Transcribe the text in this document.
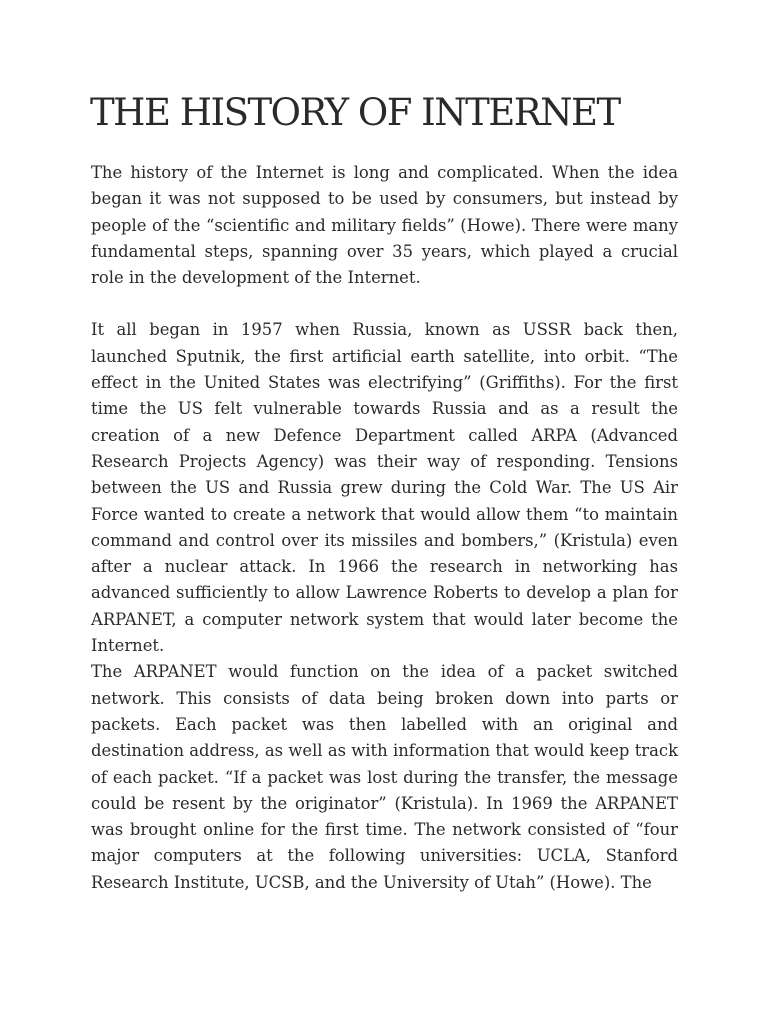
THE HISTORY OF INTERNET

The history of the Internet is long and complicated. When the idea began it was not supposed to be used by consumers, but instead by people of the “scientific and military fields” (Howe). There were many fundamental steps, spanning over 35 years, which played a crucial role in the development of the Internet.

It all began in 1957 when Russia, known as USSR back then, launched Sputnik, the first artificial earth satellite, into orbit. “The effect in the United States was electrifying” (Griffiths). For the first time the US felt vulnerable towards Russia and as a result the creation of a new Defence Department called ARPA (Advanced Research Projects Agency) was their way of responding. Tensions between the US and Russia grew during the Cold War. The US Air Force wanted to create a network that would allow them “to maintain command and control over its missiles and bombers,” (Kristula) even after a nuclear attack. In 1966 the research in networking has advanced sufficiently to allow Lawrence Roberts to develop a plan for ARPANET, a computer network system that would later become the Internet.

The ARPANET would function on the idea of a packet switched network. This consists of data being broken down into parts or packets. Each packet was then labelled with an original and destination address, as well as with information that would keep track of each packet. “If a packet was lost during the transfer, the message could be resent by the originator” (Kristula). In 1969 the ARPANET was brought online for the first time. The network consisted of “four major computers at the following universities: UCLA, Stanford Research Institute, UCSB, and the University of Utah” (Howe). The
